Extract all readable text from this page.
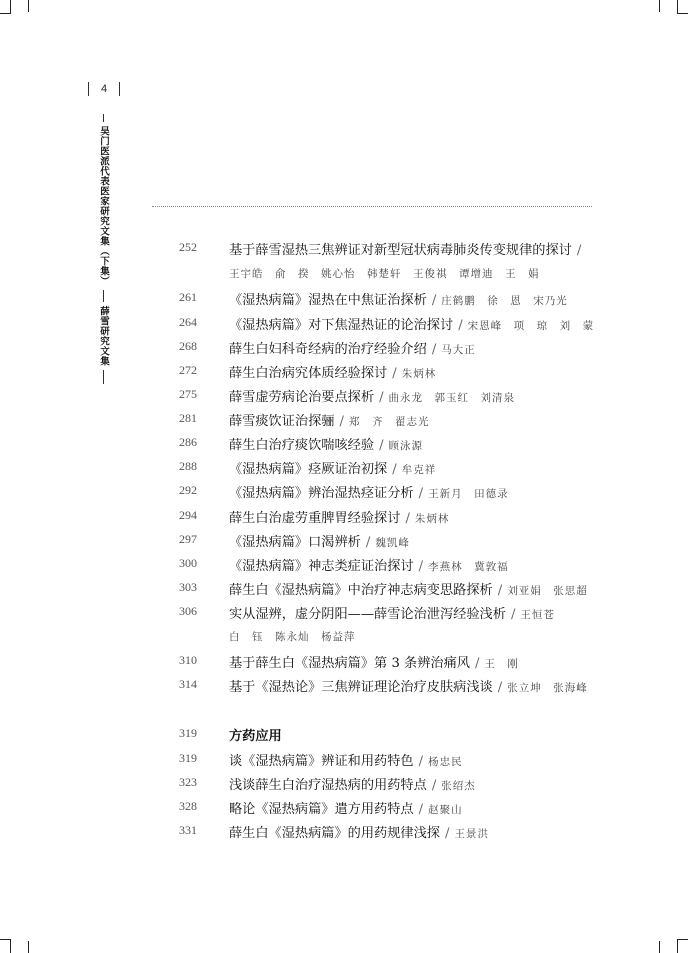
4
吴门医派代表医家研究文集（下集）
薛雪研究文集
252 基于薛雪湿热三焦辨证对新型冠状病毒肺炎传变规律的探讨 /
王宇皓　俞　揆　姚心怡　韩楚轩　王俊祺　谭增迪　王　娟
261 《湿热病篇》湿热在中焦证治探析 / 庄鹤鹏　徐　恩　宋乃光
264 《湿热病篇》对下焦湿热证的论治探讨 / 宋恩峰　项　琼　刘　蒙
268 薛生白妇科奇经病的治疗经验介绍 / 马大正
272 薛生白治病究体质经验探讨 / 朱炳林
275 薛雪虚劳病论治要点探析 / 曲永龙　郭玉红　刘清泉
281 薛雪痰饮证治探骊 / 郑　齐　翟志光
286 薛生白治疗痰饮喘咳经验 / 顾泳源
288 《湿热病篇》痉厥证治初探 / 牟克祥
292 《湿热病篇》辨治湿热痉证分析 / 王新月　田德录
294 薛生白治虚劳重脾胃经验探讨 / 朱炳林
297 《湿热病篇》口渴辨析 / 魏凯峰
300 《湿热病篇》神志类症证治探讨 / 李燕林　冀敦福
303 薛生白《湿热病篇》中治疗神志病变思路探析 / 刘亚娟　张思超
306 实从湿辨，虚分阴阳——薛雪论治泄泻经验浅析 / 王恒苍
白　钰　陈永灿　杨益萍
310 基于薛生白《湿热病篇》第 3 条辨治痛风 / 王　刚
314 基于《湿热论》三焦辨证理论治疗皮肤病浅谈 / 张立坤　张海峰
319 方药应用
319 谈《湿热病篇》辨证和用药特色 / 杨忠民
323 浅谈薛生白治疗湿热病的用药特点 / 张绍杰
328 略论《湿热病篇》遣方用药特点 / 赵聚山
331 薛生白《湿热病篇》的用药规律浅探 / 王景洪
